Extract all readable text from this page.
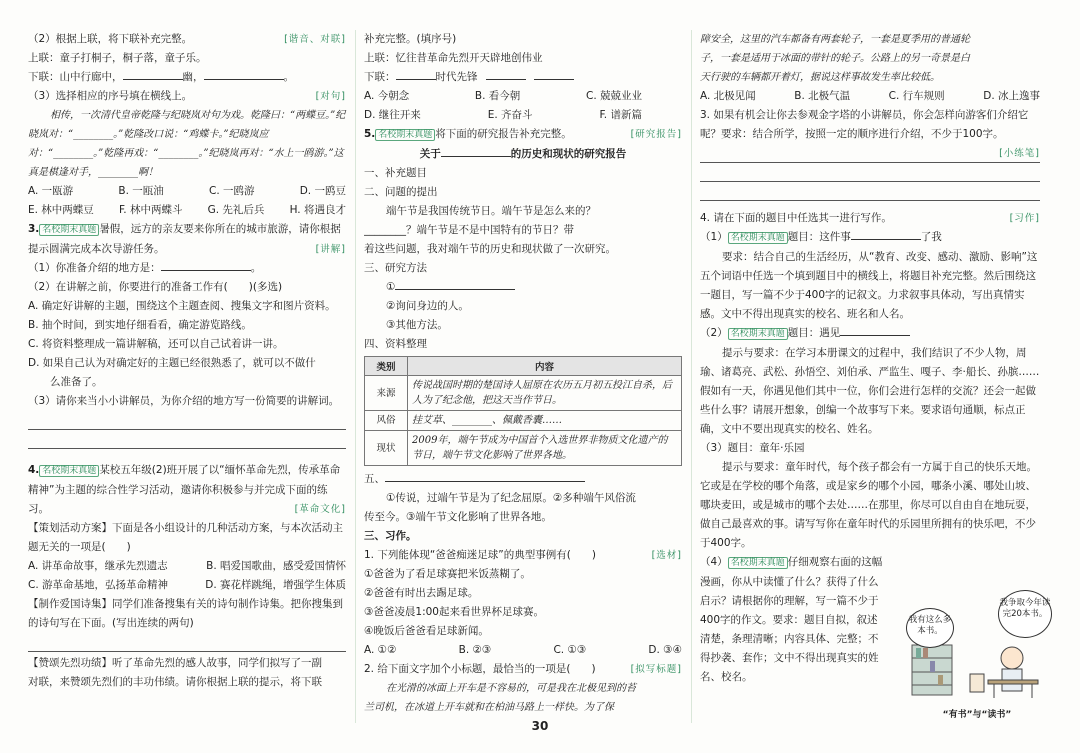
（2）根据上联，将下联补充完整。	[谐音、对联]
上联：童子打桐子，桐子落，童子乐。
下联：山中行廊中，	幽，	。
（3）选择相应的序号填在横线上。	[对句]
相传，一次清代皇帝乾隆与纪晓岚对句为戏。乾隆曰：“两蝶豆。”纪晓岚对：“________。”乾隆改口说：“鸡蝶卡。”纪晓岚应对：“________。”乾隆再戏：“________。”纪晓岚再对：“水上一鸥游。”这真是棋逢对手，________啊！
A. 一瓯游	B. 一瓯油	C. 一鸥游	D. 一鸥豆
E. 林中两蝶豆 F. 林中两蝶斗 G. 先礼后兵 H. 将遇良才
3. 名校期末真题 暑假，远方的亲友要来你所在的城市旅游，请你根据提示圆满完成本次导游任务。	[讲解]
（1）你准备介绍的地方是：	。
（2）在讲解之前，你要进行的准备工作有(　　)(多选)
A. 确定好讲解的主题，围绕这个主题查阅、搜集文字和图片资料。
B. 抽个时间，到实地仔细看看，确定游览路线。
C. 将资料整理成一篇讲解稿，还可以自己试着讲一讲。
D. 如果自己认为对确定好的主题已经很熟悉了，就可以不做什
么准备了。
（3）请你来当小小讲解员，为你介绍的地方写一份简要的讲解词。
4. 名校期末真题 某校五年级(2)班开展了以“缅怀革命先烈，传承革命精神”为主题的综合性学习活动，邀请你积极参与并完成下面的练习。	[革命文化]
【策划活动方案】下面是各小组设计的几种活动方案，与本次活动主题无关的一项是(　　)
A. 讲革命故事，继承先烈遗志	B. 唱爱国歌曲，感受爱国情怀
C. 游革命基地，弘扬革命精神	D. 赛花样跳绳，增强学生体质
【制作爱国诗集】同学们准备搜集有关的诗句制作诗集。把你搜集到的诗句写在下面。(写出连续的两句)
【赞颂先烈功绩】听了革命先烈的感人故事，同学们拟写了一副
对联，来赞颂先烈们的丰功伟绩。请你根据上联的提示，将下联
补充完整。(填序号)
上联：忆往昔革命先烈开天辟地创伟业
下联：	时代先锋
A. 今朝念	B. 看今朝	C. 兢兢业业
D. 继往开来	E. 齐奋斗	F. 谱新篇
5. 名校期末真题 将下面的研究报告补充完整。	[研究报告]
关于	的历史和现状的研究报告
一、补充题目
二、问题的提出
端午节是我国传统节日。端午节是怎么来的？
________？端午节是不是中国特有的节日？带
着这些问题，我对端午节的历史和现状做了一次研究。
三、研究方法
①
②询问身边的人。
③其他方法。
四、资料整理
类别	内容
来源	传说战国时期的楚国诗人屈原在农历五月初五投江自杀，后人为了纪念他，把这天当作节日。
风俗	挂艾草、________、佩戴香囊……
现状	2009年，端午节成为中国首个入选世界非物质文化遗产的节日，端午节文化影响了世界各地。
五、
①传说，过端午节是为了纪念屈原。②多种端午风俗流
传至今。③端午节文化影响了世界各地。
三、习作。
1. 下列能体现“爸爸痴迷足球”的典型事例有(　　)	[选材]
①爸爸为了看足球赛把米饭蒸糊了。
②爸爸有时出去踢足球。
③爸爸凌晨1:00起来看世界杯足球赛。
④晚饭后爸爸看足球新闻。
A. ①②	B. ②③	C. ①③	D. ③④
2. 给下面文字加个小标题，最恰当的一项是(　　)	[拟写标题]
在光滑的冰面上开车是不容易的，可是我在北极见到的苔
兰司机，在冰道上开车就和在柏油马路上一样快。为了保
障安全，这里的汽车都备有两套轮子，一套是夏季用的普通轮
子，一套是适用于冰面的带针的轮子。公路上的另一奇景是白
天行驶的车辆都开着灯，据说这样事故发生率比较低。
A. 北极见闻	B. 北极气温	C. 行车规则	D. 冰上逸事
3. 如果有机会让你去参观金字塔的小讲解员，你会怎样向游客们介绍它呢？要求：结合所学，按照一定的顺序进行介绍，不少于100字。
[小练笔]
4. 请在下面的题目中任选其一进行写作。	[习作]
（1） 名校期末真题 题目：这件事	了我
要求：结合自己的生活经历，从“教育、改变、感动、激励、影响”这五个词语中任选一个填到题目中的横线上，将题目补充完整。然后围绕这一题目，写一篇不少于400字的记叙文。力求叙事具体动，写出真情实感。文中不得出现真实的校名、班名和人名。
（2） 名校期末真题 题目：遇见
提示与要求：在学习本册课文的过程中，我们结识了不少人物，周瑜、诸葛亮、武松、孙悟空、刘伯承、严监生、嘎子、李·船长、孙膑……假如有一天，你遇见他们其中一位，你们会进行怎样的交流？还会一起做些什么事？请展开想象，创编一个故事写下来。要求语句通顺，标点正确，文中不要出现真实的校名、姓名。
（3）题目：童年·乐园
提示与要求：童年时代，每个孩子都会有一方属于自己的快乐天地。它或是在学校的哪个角落，或是家乡的哪个小园，哪条小溪、哪处山坡、哪块麦田，或是城市的哪个去处……在那里，你尽可以自由自在地玩耍，做自己最喜欢的事。请写写你在童年时代的乐园里所拥有的快乐吧，不少于400字。
（4） 名校期末真题 仔细观察右面的这幅漫画，你从中读懂了什么？获得了什么启示？请根据你的理解，写一篇不少于400字的作文。要求：题目自拟，叙述清楚，条理清晰；内容具体、完整；不得抄袭、套作；文中不得出现真实的姓名、校名。
我有这么多本书。
我争取今年读完20本书。
“有书”与“读书”
30
